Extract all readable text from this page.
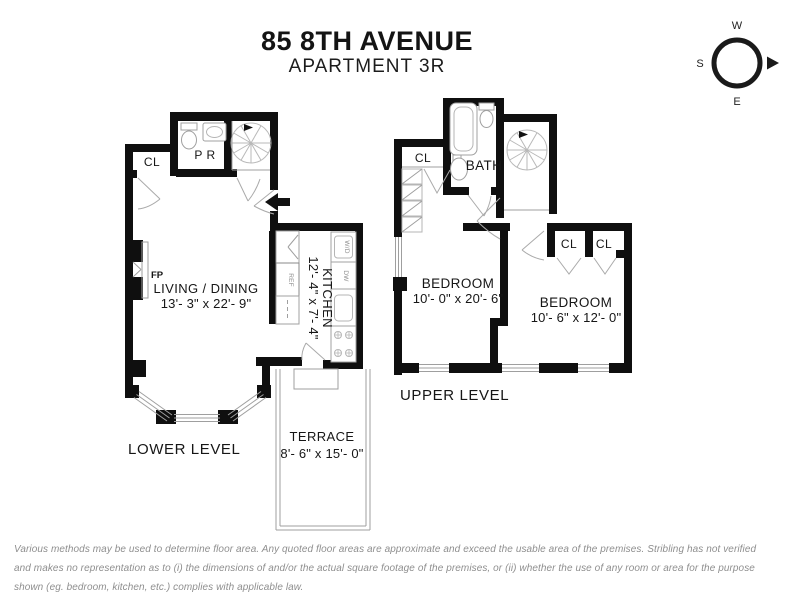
85 8TH AVENUE
APARTMENT 3R
W
S
E
LIVING / DINING
13'- 3" x 22'- 9"	KITCHEN
12'- 4" x 7'- 4"
TERRACE
8'- 6" x 15'- 0"
P R
CL
FP	REF
W/D
DW
LOWER LEVEL
BATH
CL
CL CL
BEDROOM
10'- 0" x 20'- 6"	BEDROOM
10'- 6" x 12'- 0"
UPPER LEVEL
Various methods may be used to determine floor area. Any quoted floor areas are approximate and exceed the usable area of the premises. Stribling has not verified
and makes no representation as to (i) the dimensions of and/or the actual square footage of the premises, or (ii) whether the use of any room or area for the purpose
shown (eg. bedroom, kitchen, etc.) complies with applicable law.
